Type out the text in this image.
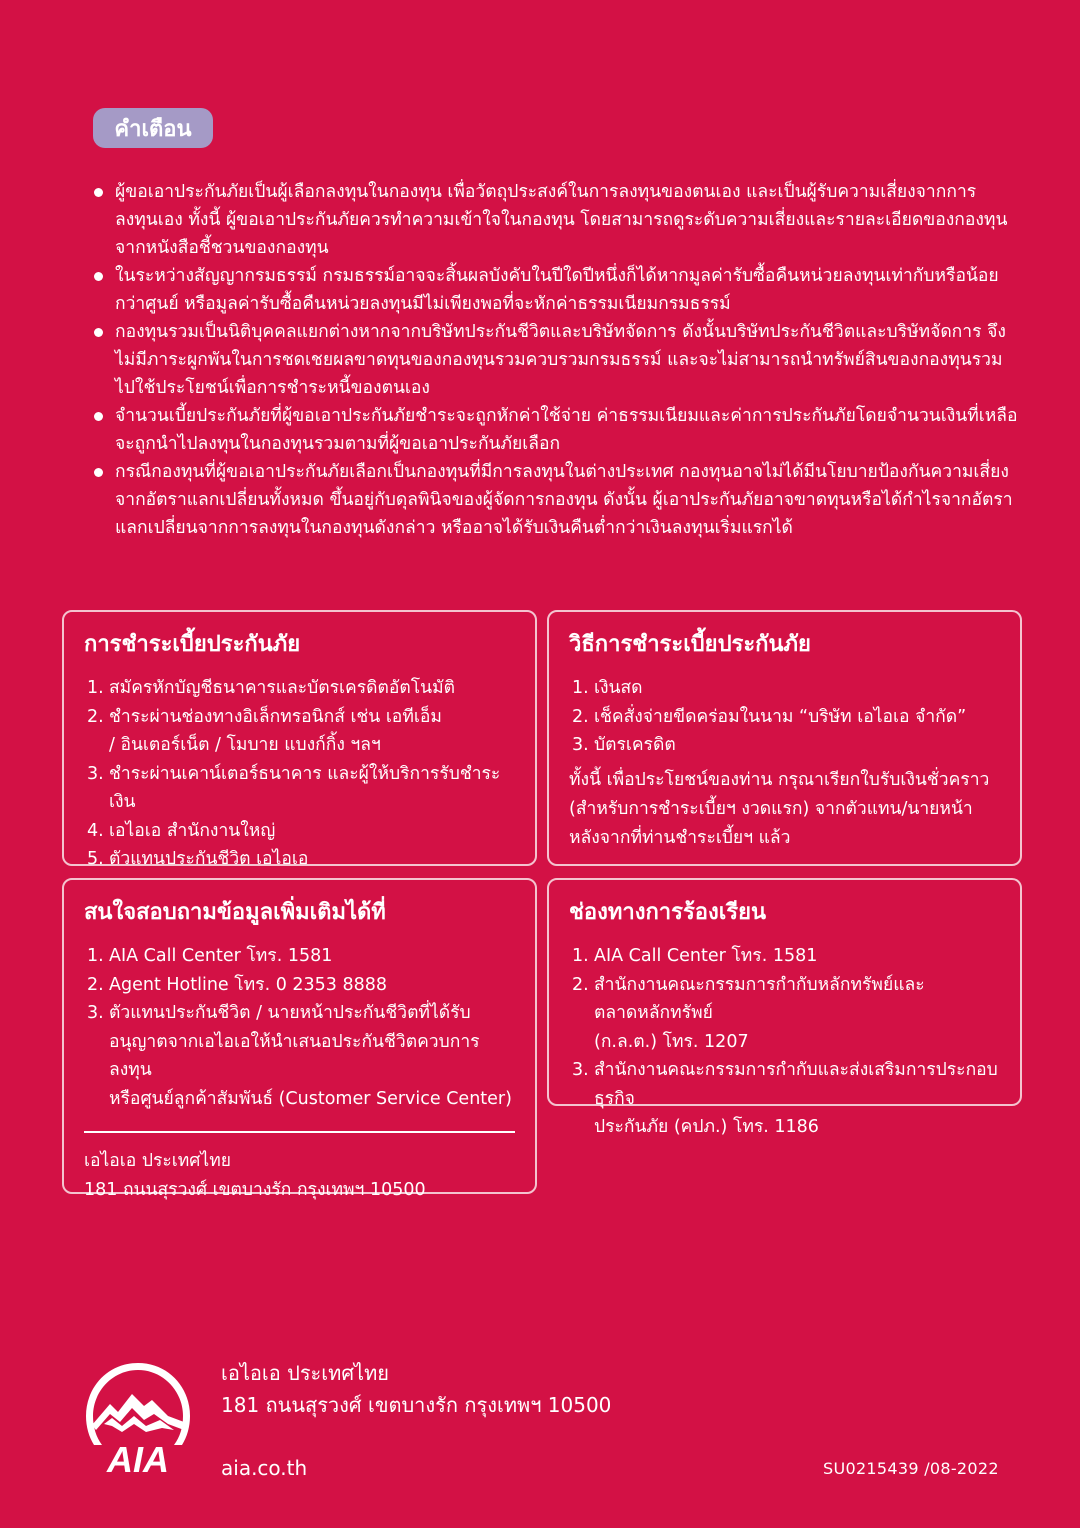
คำเตือน
ผู้ขอเอาประกันภัยเป็นผู้เลือกลงทุนในกองทุน เพื่อวัตถุประสงค์ในการลงทุนของตนเอง และเป็นผู้รับความเสี่ยงจากการลงทุนเอง ทั้งนี้ ผู้ขอเอาประกันภัยควรทำความเข้าใจในกองทุน โดยสามารถดูระดับความเสี่ยงและรายละเอียดของกองทุนจากหนังสือชี้ชวนของกองทุน
ในระหว่างสัญญากรมธรรม์ กรมธรรม์อาจจะสิ้นผลบังคับในปีใดปีหนึ่งก็ได้หากมูลค่ารับซื้อคืนหน่วยลงทุนเท่ากับหรือน้อยกว่าศูนย์ หรือมูลค่ารับซื้อคืนหน่วยลงทุนมีไม่เพียงพอที่จะหักค่าธรรมเนียมกรมธรรม์
กองทุนรวมเป็นนิติบุคคลแยกต่างหากจากบริษัทประกันชีวิตและบริษัทจัดการ ดังนั้นบริษัทประกันชีวิตและบริษัทจัดการ จึงไม่มีภาระผูกพันในการชดเชยผลขาดทุนของกองทุนรวมควบรวมกรมธรรม์ และจะไม่สามารถนำทรัพย์สินของกองทุนรวม ไปใช้ประโยชน์เพื่อการชำระหนี้ของตนเอง
จำนวนเบี้ยประกันภัยที่ผู้ขอเอาประกันภัยชำระจะถูกหักค่าใช้จ่าย ค่าธรรมเนียมและค่าการประกันภัยโดยจำนวนเงินที่เหลือ จะถูกนำไปลงทุนในกองทุนรวมตามที่ผู้ขอเอาประกันภัยเลือก
กรณีกองทุนที่ผู้ขอเอาประกันภัยเลือกเป็นกองทุนที่มีการลงทุนในต่างประเทศ กองทุนอาจไม่ได้มีนโยบายป้องกันความเสี่ยง จากอัตราแลกเปลี่ยนทั้งหมด ขึ้นอยู่กับดุลพินิจของผู้จัดการกองทุน ดังนั้น ผู้เอาประกันภัยอาจขาดทุนหรือได้กำไรจากอัตรา แลกเปลี่ยนจากการลงทุนในกองทุนดังกล่าว หรืออาจได้รับเงินคืนต่ำกว่าเงินลงทุนเริ่มแรกได้
การชำระเบี้ยประกันภัย
1. สมัครหักบัญชีธนาคารและบัตรเครดิตอัตโนมัติ
2. ชำระผ่านช่องทางอิเล็กทรอนิกส์ เช่น เอทีเอ็ม
/ อินเตอร์เน็ต / โมบาย แบงก์กิ้ง ฯลฯ
3. ชำระผ่านเคาน์เตอร์ธนาคาร และผู้ให้บริการรับชำระเงิน
4. เอไอเอ สำนักงานใหญ่
5. ตัวแทนประกันชีวิต เอไอเอ
วิธีการชำระเบี้ยประกันภัย
1. เงินสด
2. เช็คสั่งจ่ายขีดคร่อมในนาม “บริษัท เอไอเอ จำกัด”
3. บัตรเครดิต
ทั้งนี้ เพื่อประโยชน์ของท่าน กรุณาเรียกใบรับเงินชั่วคราว
(สำหรับการชำระเบี้ยฯ งวดแรก) จากตัวแทน/นายหน้า
หลังจากที่ท่านชำระเบี้ยฯ แล้ว
สนใจสอบถามข้อมูลเพิ่มเติมได้ที่
1. AIA Call Center โทร. 1581
2. Agent Hotline โทร. 0 2353 8888
3. ตัวแทนประกันชีวิต / นายหน้าประกันชีวิตที่ได้รับ
อนุญาตจากเอไอเอให้นำเสนอประกันชีวิตควบการลงทุน
หรือศูนย์ลูกค้าสัมพันธ์ (Customer Service Center)
เอไอเอ ประเทศไทย
181 ถนนสุรวงศ์ เขตบางรัก กรุงเทพฯ 10500
ช่องทางการร้องเรียน
1. AIA Call Center โทร. 1581
2. สำนักงานคณะกรรมการกำกับหลักทรัพย์และตลาดหลักทรัพย์
(ก.ล.ต.) โทร. 1207
3. สำนักงานคณะกรรมการกำกับและส่งเสริมการประกอบธุรกิจ
ประกันภัย (คปภ.) โทร. 1186
AIA
เอไอเอ ประเทศไทย
181 ถนนสุรวงศ์ เขตบางรัก กรุงเทพฯ 10500
aia.co.th	SU0215439 /08-2022
